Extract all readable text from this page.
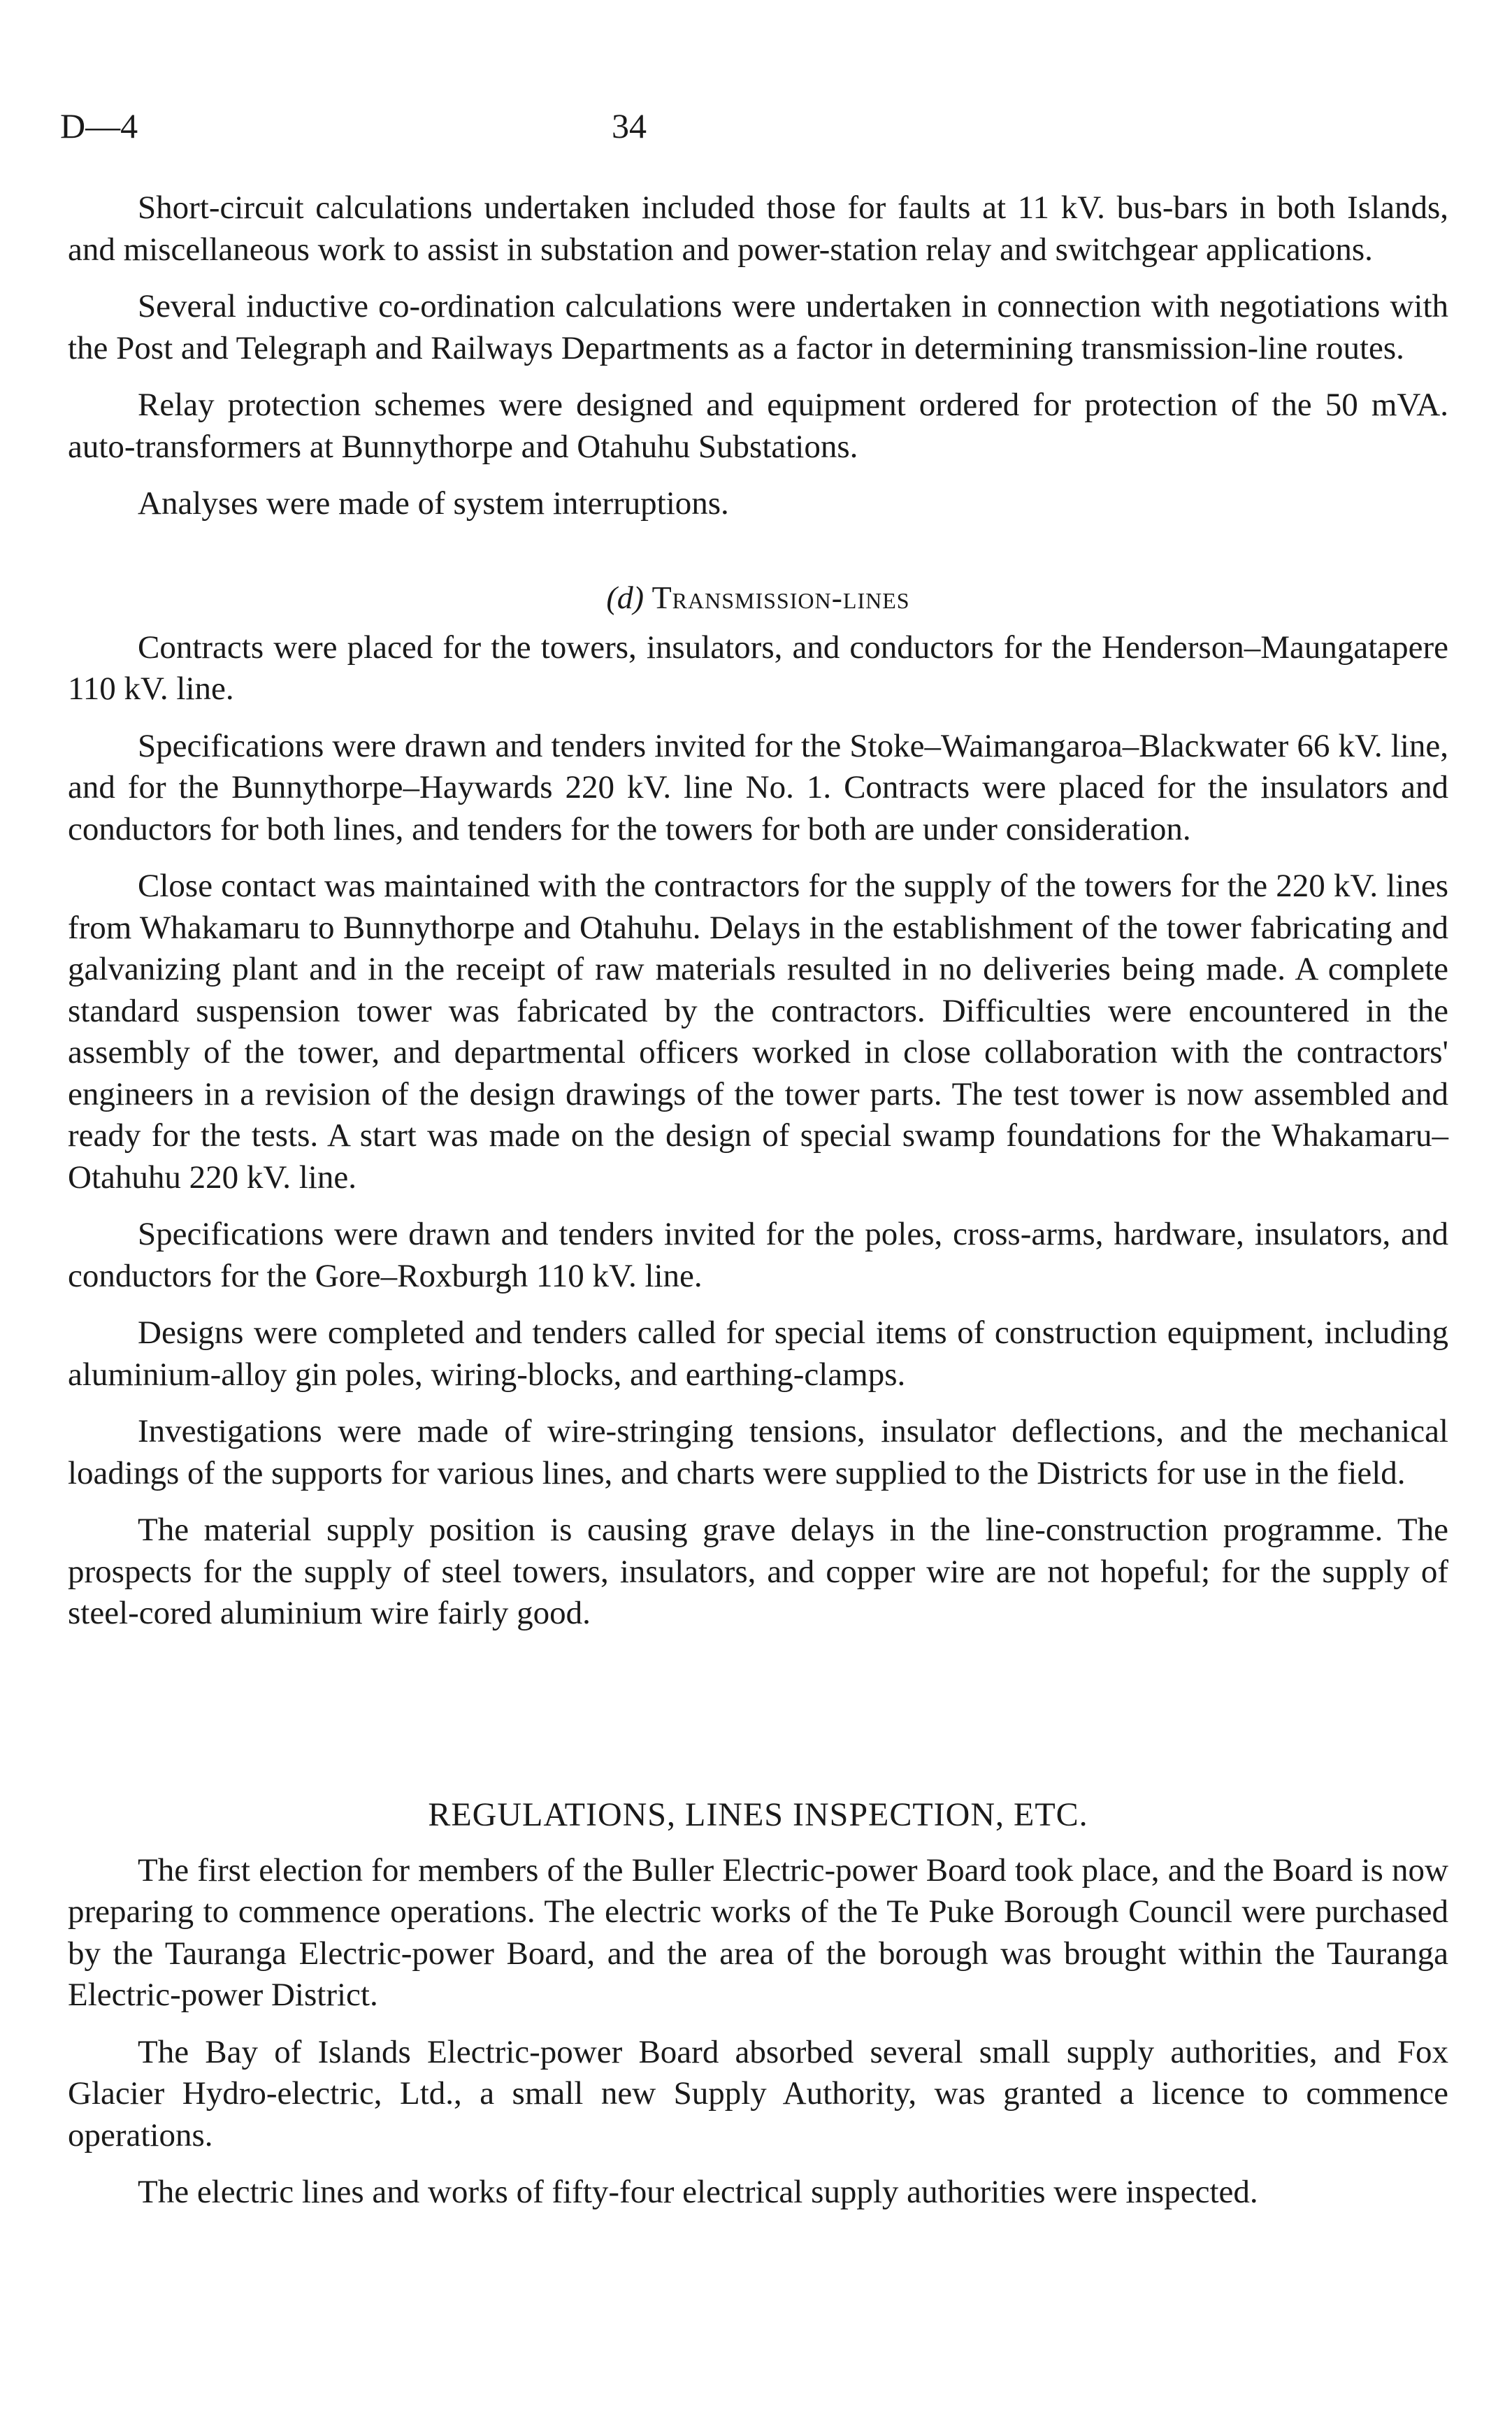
D—4	34

Short-circuit calculations undertaken included those for faults at 11 kV. bus-bars in both Islands, and miscellaneous work to assist in substation and power-station relay and switchgear applications.

Several inductive co-ordination calculations were undertaken in connection with negotiations with the Post and Telegraph and Railways Departments as a factor in determining transmission-line routes.

Relay protection schemes were designed and equipment ordered for protection of the 50 mVA. auto-transformers at Bunnythorpe and Otahuhu Substations.

Analyses were made of system interruptions.

(d) Transmission-lines

Contracts were placed for the towers, insulators, and conductors for the Henderson–Maungatapere 110 kV. line.

Specifications were drawn and tenders invited for the Stoke–Waimangaroa–Blackwater 66 kV. line, and for the Bunnythorpe–Haywards 220 kV. line No. 1. Contracts were placed for the insulators and conductors for both lines, and tenders for the towers for both are under consideration.

Close contact was maintained with the contractors for the supply of the towers for the 220 kV. lines from Whakamaru to Bunnythorpe and Otahuhu. Delays in the establishment of the tower fabricating and galvanizing plant and in the receipt of raw materials resulted in no deliveries being made. A complete standard suspension tower was fabricated by the contractors. Difficulties were encountered in the assembly of the tower, and departmental officers worked in close collaboration with the contractors' engineers in a revision of the design drawings of the tower parts. The test tower is now assembled and ready for the tests. A start was made on the design of special swamp foundations for the Whakamaru–Otahuhu 220 kV. line.

Specifications were drawn and tenders invited for the poles, cross-arms, hardware, insulators, and conductors for the Gore–Roxburgh 110 kV. line.

Designs were completed and tenders called for special items of construction equipment, including aluminium-alloy gin poles, wiring-blocks, and earthing-clamps.

Investigations were made of wire-stringing tensions, insulator deflections, and the mechanical loadings of the supports for various lines, and charts were supplied to the Districts for use in the field.

The material supply position is causing grave delays in the line-construction programme. The prospects for the supply of steel towers, insulators, and copper wire are not hopeful; for the supply of steel-cored aluminium wire fairly good.

REGULATIONS, LINES INSPECTION, ETC.

The first election for members of the Buller Electric-power Board took place, and the Board is now preparing to commence operations. The electric works of the Te Puke Borough Council were purchased by the Tauranga Electric-power Board, and the area of the borough was brought within the Tauranga Electric-power District.

The Bay of Islands Electric-power Board absorbed several small supply authorities, and Fox Glacier Hydro-electric, Ltd., a small new Supply Authority, was granted a licence to commence operations.

The electric lines and works of fifty-four electrical supply authorities were inspected.
